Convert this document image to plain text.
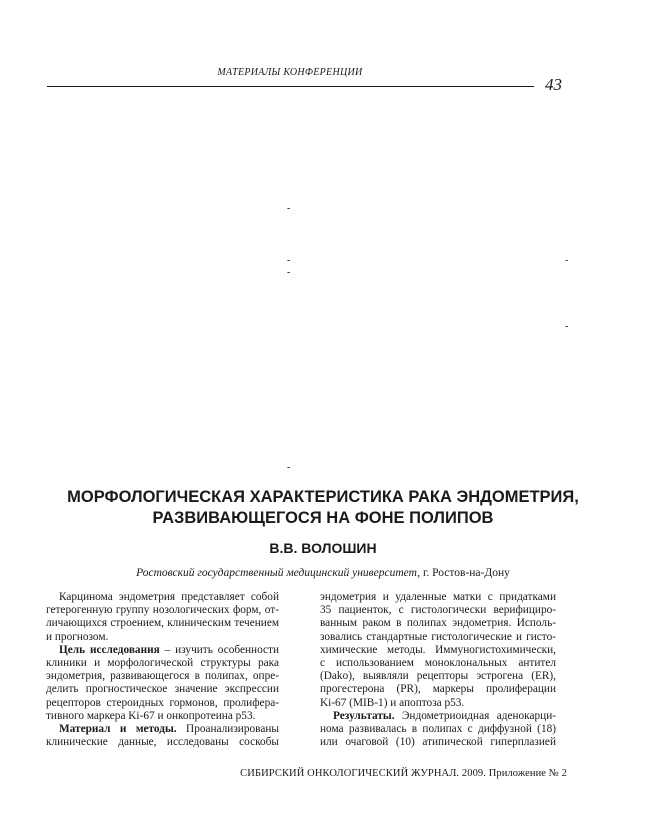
МАТЕРИАЛЫ КОНФЕРЕНЦИИ
43
-
-
-
-
-
-
МОРФОЛОГИЧЕСКАЯ ХАРАКТЕРИСТИКА РАКА ЭНДОМЕТРИЯ,
РАЗВИВАЮЩЕГОСЯ НА ФОНЕ ПОЛИПОВ
В.В. ВОЛОШИН
Ростовский государственный медицинский университет, г. Ростов-на-Дону
Карцинома эндометрия представляет собой
гетерогенную группу нозологических форм, от-
личающихся строением, клиническим течением
и прогнозом.
Цель исследования – изучить особенности
клиники и морфологической структуры рака
эндометрия, развивающегося в полипах, опре-
делить прогностическое значение экспрессии
рецепторов стероидных гормонов, пролифера-
тивного маркера Ki-67 и онкопротеина p53.
Материал и методы. Проанализированы
клинические данные, исследованы соскобы
эндометрия и удаленные матки с придатками
35 пациенток, с гистологически верифициро-
ванным раком в полипах эндометрия. Исполь-
зовались стандартные гистологические и гисто-
химические методы. Иммуногистохимически,
с использованием моноклональных антител
(Dako), выявляли рецепторы эстрогена (ER),
прогестерона (PR), маркеры пролиферации
Ki-67 (MIB-1) и апоптоза p53.
Результаты. Эндометриоидная аденокарци-
нома развивалась в полипах с диффузной (18)
или очаговой (10) атипической гиперплазией
СИБИРСКИЙ ОНКОЛОГИЧЕСКИЙ ЖУРНАЛ. 2009. Приложение № 2
